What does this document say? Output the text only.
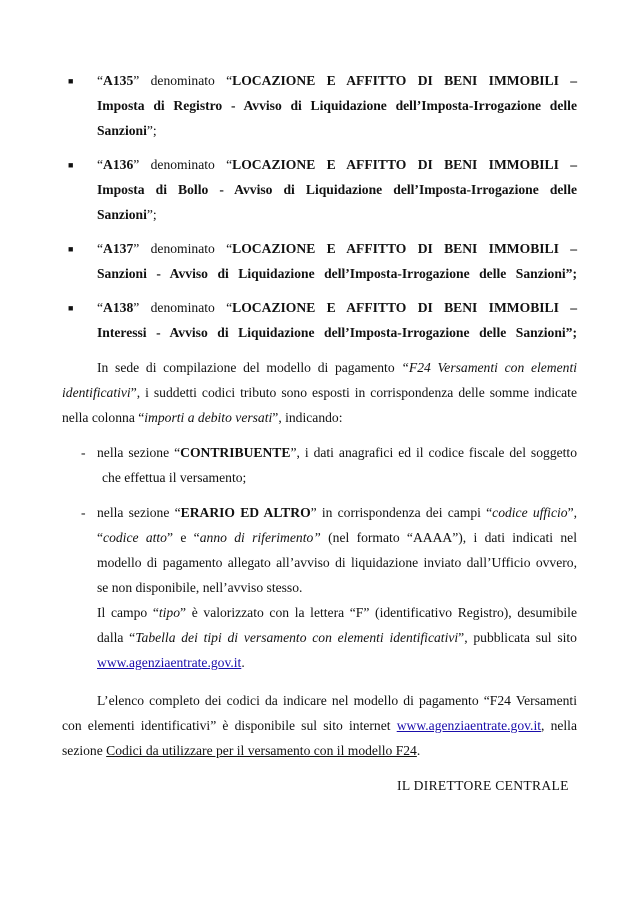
■ “A135” denominato “LOCAZIONE E AFFITTO DI BENI IMMOBILI –
Imposta di Registro - Avviso di Liquidazione dell’Imposta-Irrogazione delle
Sanzioni”;
■ “A136” denominato “LOCAZIONE E AFFITTO DI BENI IMMOBILI –
Imposta di Bollo - Avviso di Liquidazione dell’Imposta-Irrogazione delle
Sanzioni”;
■ “A137” denominato “LOCAZIONE E AFFITTO DI BENI IMMOBILI –
Sanzioni - Avviso di Liquidazione dell’Imposta-Irrogazione delle Sanzioni”;
■ “A138” denominato “LOCAZIONE E AFFITTO DI BENI IMMOBILI –
Interessi - Avviso di Liquidazione dell’Imposta-Irrogazione delle Sanzioni”;
In sede di compilazione del modello di pagamento “F24 Versamenti con elementi
identificativi”, i suddetti codici tributo sono esposti in corrispondenza delle somme indicate
nella colonna “importi a debito versati”, indicando:
- nella sezione “CONTRIBUENTE”, i dati anagrafici ed il codice fiscale del soggetto
che effettua il versamento;
- nella sezione “ERARIO ED ALTRO” in corrispondenza dei campi “codice ufficio”,
“codice atto” e “anno di riferimento” (nel formato “AAAA”), i dati indicati nel
modello di pagamento allegato all’avviso di liquidazione inviato dall’Ufficio ovvero,
se non disponibile, nell’avviso stesso.
Il campo “tipo” è valorizzato con la lettera “F” (identificativo Registro), desumibile
dalla “Tabella dei tipi di versamento con elementi identificativi”, pubblicata sul sito
www.agenziaentrate.gov.it.
L’elenco completo dei codici da indicare nel modello di pagamento “F24 Versamenti
con elementi identificativi” è disponibile sul sito internet www.agenziaentrate.gov.it, nella
sezione Codici da utilizzare per il versamento con il modello F24.
IL DIRETTORE CENTRALE
